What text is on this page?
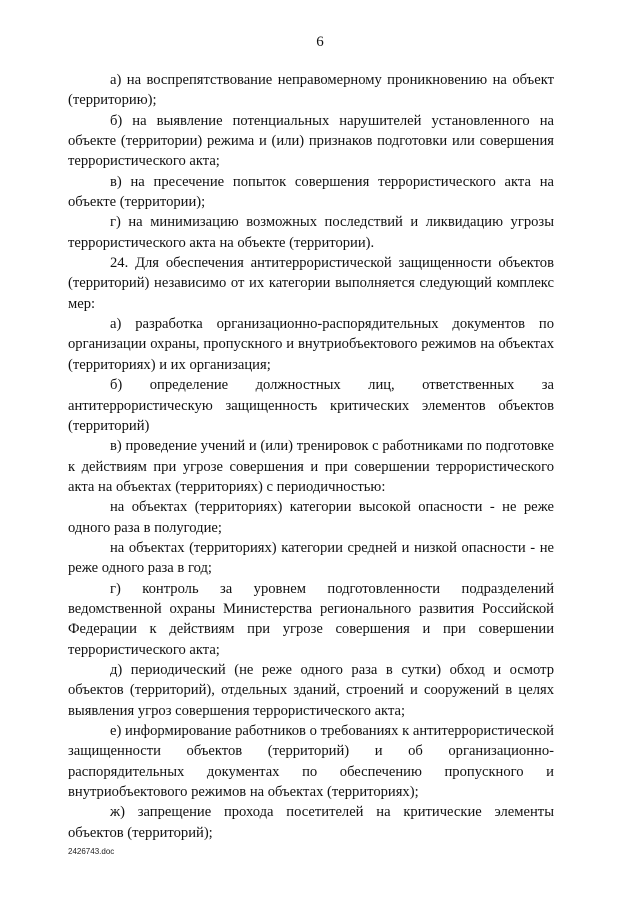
6

а) на воспрепятствование неправомерному проникновению на объект (территорию);

б) на выявление потенциальных нарушителей установленного на объекте (территории) режима и (или) признаков подготовки или совершения террористического акта;

в) на пресечение попыток совершения террористического акта на объекте (территории);

г) на минимизацию возможных последствий и ликвидацию угрозы террористического акта на объекте (территории).

24. Для обеспечения антитеррористической защищенности объектов (территорий) независимо от их категории выполняется следующий комплекс мер:

а) разработка организационно-распорядительных документов по организации охраны, пропускного и внутриобъектового режимов на объектах (территориях) и их организация;

б) определение должностных лиц, ответственных за антитеррористическую защищенность критических элементов объектов (территорий)

в) проведение учений и (или) тренировок с работниками по подготовке к действиям при угрозе совершения и при совершении террористического акта на объектах (территориях) с периодичностью:

на объектах (территориях) категории высокой опасности - не реже одного раза в полугодие;

на объектах (территориях) категории средней и низкой опасности - не реже одного раза в год;

г) контроль за уровнем подготовленности подразделений ведомственной охраны Министерства регионального развития Российской Федерации к действиям при угрозе совершения и при совершении террористического акта;

д) периодический (не реже одного раза в сутки) обход и осмотр объектов (территорий), отдельных зданий, строений и сооружений в целях выявления угроз совершения террористического акта;

е) информирование работников о требованиях к антитеррористической защищенности объектов (территорий) и об организационно-распорядительных документах по обеспечению пропускного и внутриобъектового режимов на объектах (территориях);

ж) запрещение прохода посетителей на критические элементы объектов (территорий);

2426743.doc
